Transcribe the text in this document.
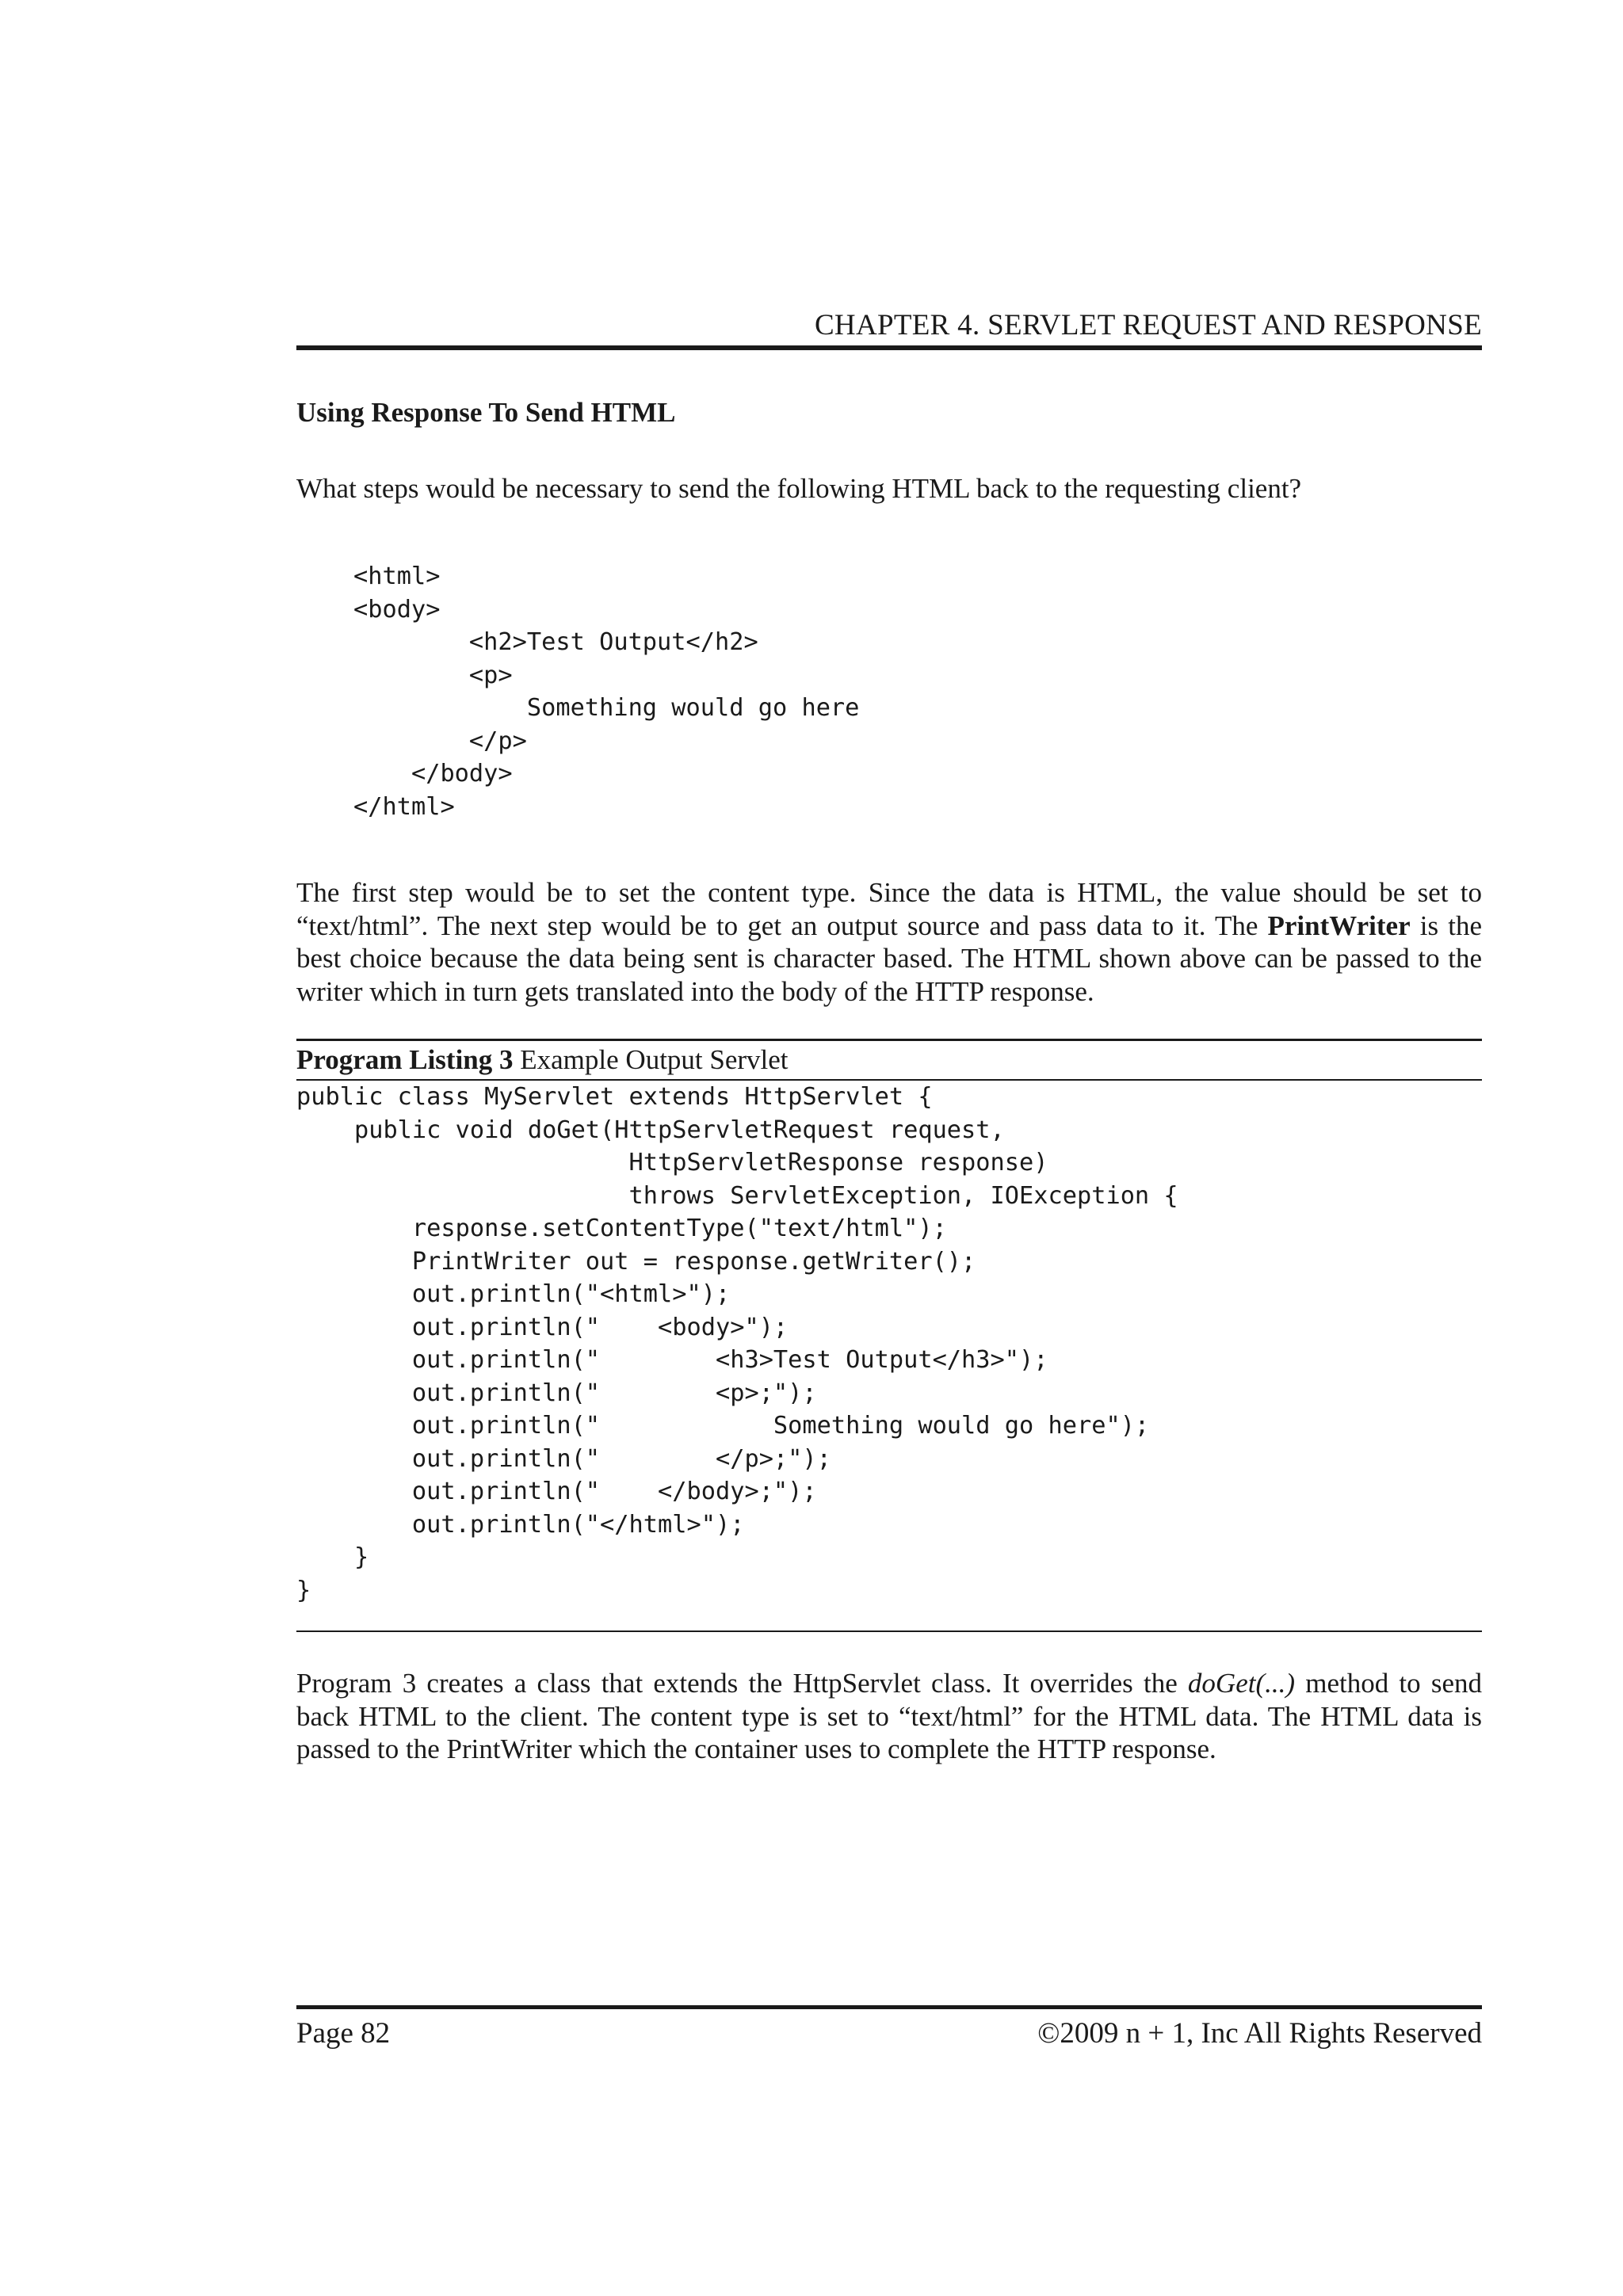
CHAPTER 4. SERVLET REQUEST AND RESPONSE
Using Response To Send HTML

What steps would be necessary to send the following HTML back to the requesting client?

<html>
<body>
<h2>Test Output</h2>
<p>
Something would go here
</p>
</body>
</html>

The first step would be to set the content type. Since the data is HTML, the value should be set to “text/html”. The next step would be to get an output source and pass data to it. The PrintWriter is the best choice because the data being sent is character based. The HTML shown above can be passed to the writer which in turn gets translated into the body of the HTTP response.

Program Listing 3 Example Output Servlet
public class MyServlet extends HttpServlet {
public void doGet(HttpServletRequest request,
HttpServletResponse response)
throws ServletException, IOException {
response.setContentType("text/html");
PrintWriter out = response.getWriter();
out.println("<html>");
out.println("    <body>");
out.println("        <h3>Test Output</h3>");
out.println("        <p>;");
out.println("            Something would go here");
out.println("        </p>;");
out.println("    </body>;");
out.println("</html>");
}
}

Program 3 creates a class that extends the HttpServlet class. It overrides the doGet(...) method to send back HTML to the client. The content type is set to “text/html” for the HTML data. The HTML data is passed to the PrintWriter which the container uses to complete the HTTP response.

Page 82	©2009 n + 1, Inc All Rights Reserved
